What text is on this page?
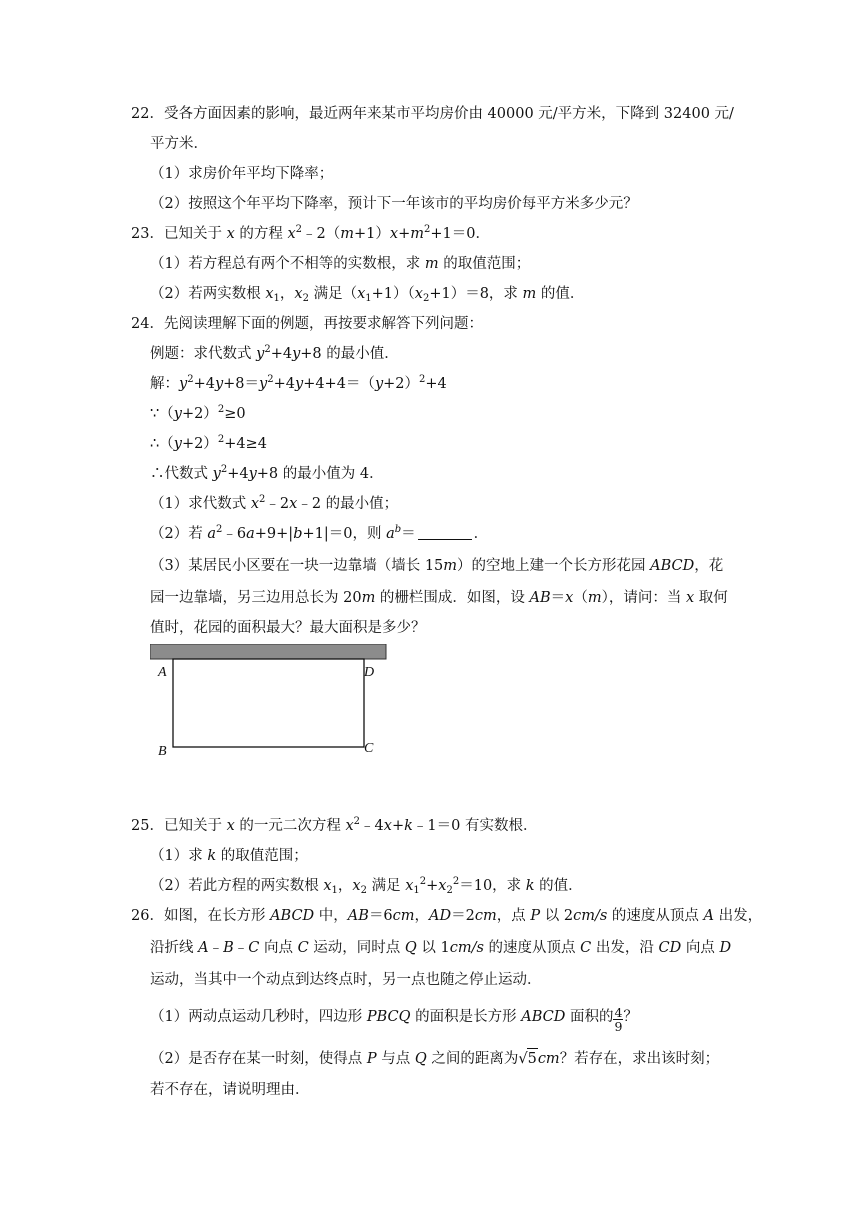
22．受各方面因素的影响，最近两年来某市平均房价由 40000 元/平方米，下降到 32400 元/
平方米．
（1）求房价年平均下降率；
（2）按照这个年平均下降率，预计下一年该市的平均房价每平方米多少元？
23．已知关于 x 的方程 $x^2﹣2(m+1)x+m^2+1=0$．
（1）若方程总有两个不相等的实数根，求 m 的取值范围；
（2）若两实数根 $x_1$，$x_2$ 满足$(x_1+1)(x_2+1)=8$，求 m 的值．
24．先阅读理解下面的例题，再按要求解答下列问题：
例题：求代数式 $y^2+4y+8$ 的最小值．
解：$y^2+4y+8=y^2+4y+4+4=(y+2)^2+4$
$\because(y+2)^2\ge 0$
$\therefore(y+2)^2+4\ge 4$
∴代数式 $y^2+4y+8$ 的最小值为 4．
（1）求代数式 $x^2﹣2x﹣2$ 的最小值；
（2）若 $a^2﹣6a+9+|b+1|=0$，则 $a^b=$	．
（3）某居民小区要在一块一边靠墙（墙长 15m）的空地上建一个长方形花园 ABCD，花
园一边靠墙，另三边用总长为 20m 的栅栏围成．如图，设 AB＝x（m），请问：当 x 取何
值时，花园的面积最大？最大面积是多少？
A	D
B	C
25．已知关于 x 的一元二次方程 $x^2﹣4x+k﹣1=0$ 有实数根．
（1）求 k 的取值范围；
（2）若此方程的两实数根 $x_1$，$x_2$ 满足 $x_1^2+x_2^2=10$，求 k 的值．
26．如图，在长方形 ABCD 中，AB＝6cm，AD＝2cm，点 P 以 2cm/s 的速度从顶点 A 出发，
沿折线 A﹣B﹣C 向点 C 运动，同时点 Q 以 1cm/s 的速度从顶点 C 出发，沿 CD 向点 D
运动，当其中一个动点到达终点时，另一点也随之停止运动．
（1）两动点运动几秒时，四边形 PBCQ 的面积是长方形 ABCD 面积的 $\frac{4}{9}$ ？
（2）是否存在某一时刻，使得点 P 与点 Q 之间的距离为√5cm？若存在，求出该时刻；
若不存在，请说明理由．
